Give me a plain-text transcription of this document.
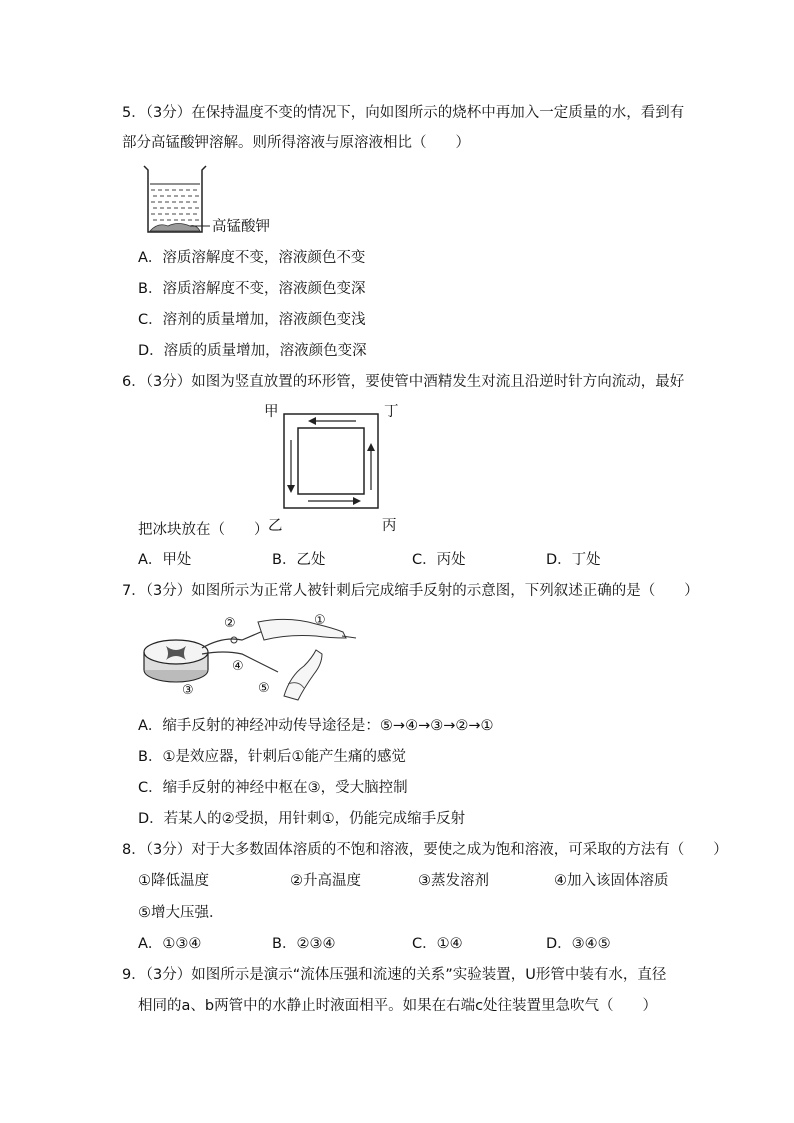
5．（3分）在保持温度不变的情况下，向如图所示的烧杯中再加入一定质量的水，看到有
部分高锰酸钾溶解。则所得溶液与原溶液相比（　　）
高锰酸钾
A．溶质溶解度不变，溶液颜色不变
B．溶质溶解度不变，溶液颜色变深
C．溶剂的质量增加，溶液颜色变浅
D．溶质的质量增加，溶液颜色变深
6．（3分）如图为竖直放置的环形管，要使管中酒精发生对流且沿逆时针方向流动，最好
甲	丁
乙	丙
把冰块放在（　　）
A．甲处	B．乙处	C．丙处	D．丁处
7．（3分）如图所示为正常人被针刺后完成缩手反射的示意图，下列叙述正确的是（　　）
①
②
③
④
⑤
A．缩手反射的神经冲动传导途径是：⑤→④→③→②→①
B．①是效应器，针刺后①能产生痛的感觉
C．缩手反射的神经中枢在③，受大脑控制
D．若某人的②受损，用针刺①，仍能完成缩手反射
8．（3分）对于大多数固体溶质的不饱和溶液，要使之成为饱和溶液，可采取的方法有（　　）
①降低温度	②升高温度	③蒸发溶剂	④加入该固体溶质
⑤增大压强．
A．①③④	B．②③④	C．①④	D．③④⑤
9．（3分）如图所示是演示“流体压强和流速的关系”实验装置，U形管中装有水，直径
相同的a、b两管中的水静止时液面相平。如果在右端c处往装置里急吹气（　　）
